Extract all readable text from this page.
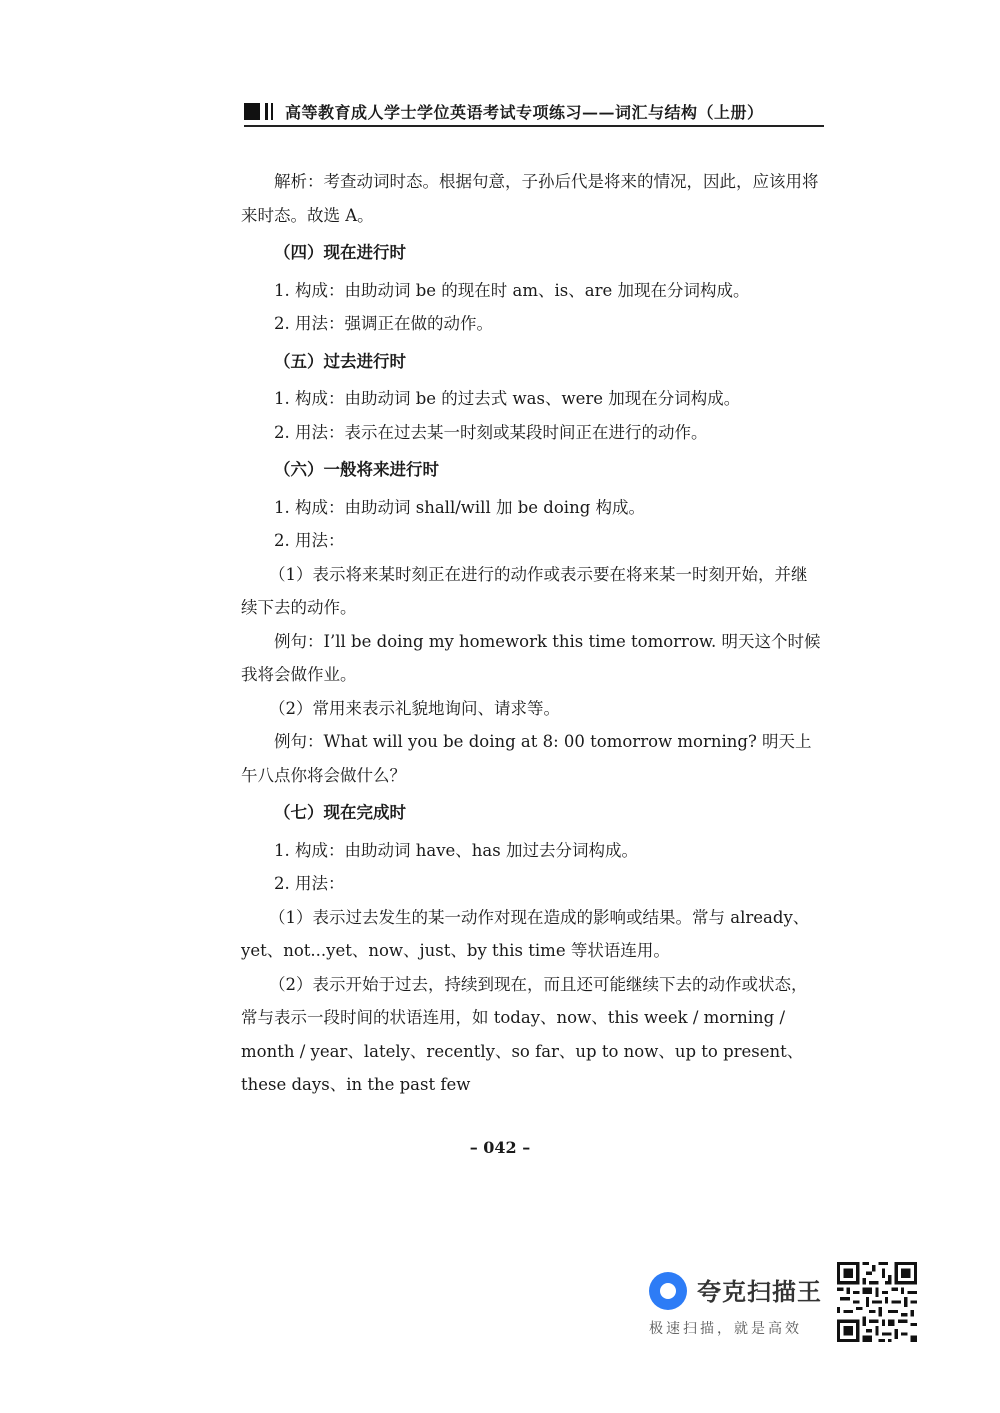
高等教育成人学士学位英语考试专项练习——词汇与结构（上册）

解析：考查动词时态。根据句意，子孙后代是将来的情况，因此，应该用将来时态。故选 A。

（四）现在进行时

1. 构成：由助动词 be 的现在时 am、is、are 加现在分词构成。

2. 用法：强调正在做的动作。

（五）过去进行时

1. 构成：由助动词 be 的过去式 was、were 加现在分词构成。

2. 用法：表示在过去某一时刻或某段时间正在进行的动作。

（六）一般将来进行时

1. 构成：由助动词 shall/will 加 be doing 构成。

2. 用法：

（1）表示将来某时刻正在进行的动作或表示要在将来某一时刻开始，并继续下去的动作。

例句：I’ll be doing my homework this time tomorrow. 明天这个时候我将会做作业。

（2）常用来表示礼貌地询问、请求等。

例句：What will you be doing at 8: 00 tomorrow morning? 明天上午八点你将会做什么？

（七）现在完成时

1. 构成：由助动词 have、has 加过去分词构成。

2. 用法：

（1）表示过去发生的某一动作对现在造成的影响或结果。常与 already、yet、not...yet、now、just、by this time 等状语连用。

（2）表示开始于过去，持续到现在，而且还可能继续下去的动作或状态，常与表示一段时间的状语连用，如 today、now、this week / morning / month / year、lately、recently、so far、up to now、up to present、these days、in the past few

– 042 –
夸克扫描王
极速扫描，就是高效
